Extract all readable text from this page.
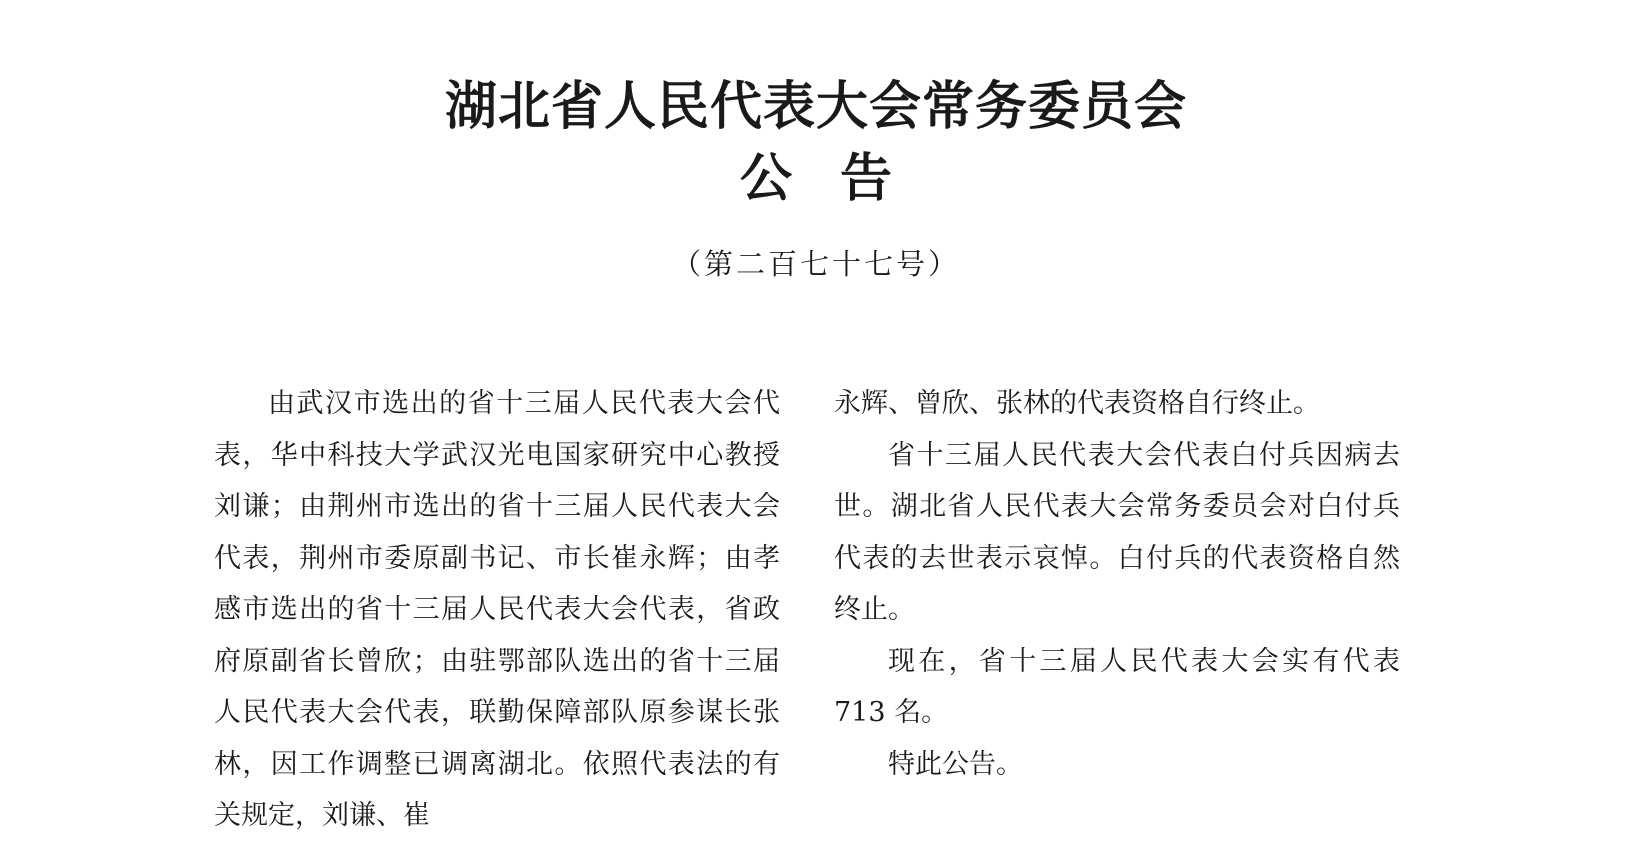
湖北省人民代表大会常务委员会
公告

（第二百七十七号）

由武汉市选出的省十三届人民代表大会代表，华中科技大学武汉光电国家研究中心教授刘谦；由荆州市选出的省十三届人民代表大会代表，荆州市委原副书记、市长崔永辉；由孝感市选出的省十三届人民代表大会代表，省政府原副省长曾欣；由驻鄂部队选出的省十三届人民代表大会代表，联勤保障部队原参谋长张林，因工作调整已调离湖北。依照代表法的有关规定，刘谦、崔

永辉、曾欣、张林的代表资格自行终止。

省十三届人民代表大会代表白付兵因病去世。湖北省人民代表大会常务委员会对白付兵代表的去世表示哀悼。白付兵的代表资格自然终止。

现在，省十三届人民代表大会实有代表 713 名。

特此公告。
